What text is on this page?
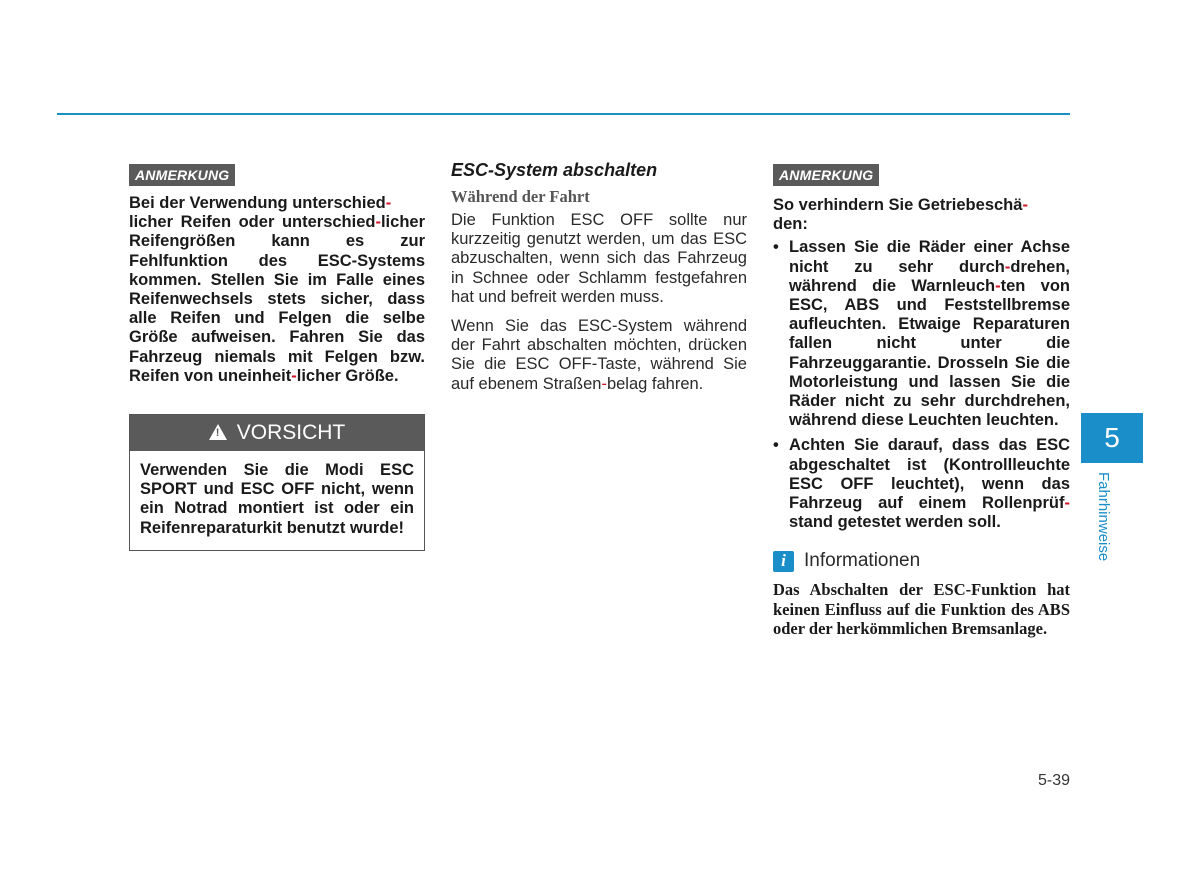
ANMERKUNG

Bei der Verwendung unterschied-
licher Reifen oder unterschied-licher Reifengrößen kann es zur Fehlfunktion des ESC-Systems kommen. Stellen Sie im Falle eines Reifenwechsels stets sicher, dass alle Reifen und Felgen die selbe Größe aufweisen. Fahren Sie das Fahrzeug niemals mit Felgen bzw. Reifen von uneinheit-licher Größe.

! VORSICHT

Verwenden Sie die Modi ESC SPORT und ESC OFF nicht, wenn ein Notrad montiert ist oder ein Reifenreparaturkit benutzt wurde!

ESC-System abschalten
Während der Fahrt

Die Funktion ESC OFF sollte nur kurzzeitig genutzt werden, um das ESC abzuschalten, wenn sich das Fahrzeug in Schnee oder Schlamm festgefahren hat und befreit werden muss.

Wenn Sie das ESC-System während der Fahrt abschalten möchten, drücken Sie die ESC OFF-Taste, während Sie auf ebenem Straßen-belag fahren.

ANMERKUNG

So verhindern Sie Getriebeschä-
den:

• Lassen Sie die Räder einer Achse nicht zu sehr durch-drehen, während die Warnleuch-ten von ESC, ABS und Feststellbremse aufleuchten. Etwaige Reparaturen fallen nicht unter die Fahrzeuggarantie. Drosseln Sie die Motorleistung und lassen Sie die Räder nicht zu sehr durchdrehen, während diese Leuchten leuchten.
• Achten Sie darauf, dass das ESC abgeschaltet ist (Kontrollleuchte ESC OFF leuchtet), wenn das Fahrzeug auf einem Rollenprüf-stand getestet werden soll.
i Informationen

Das Abschalten der ESC-Funktion hat keinen Einfluss auf die Funktion des ABS oder der herkömmlichen Bremsanlage.

5
Fahrhinweise
5-39
